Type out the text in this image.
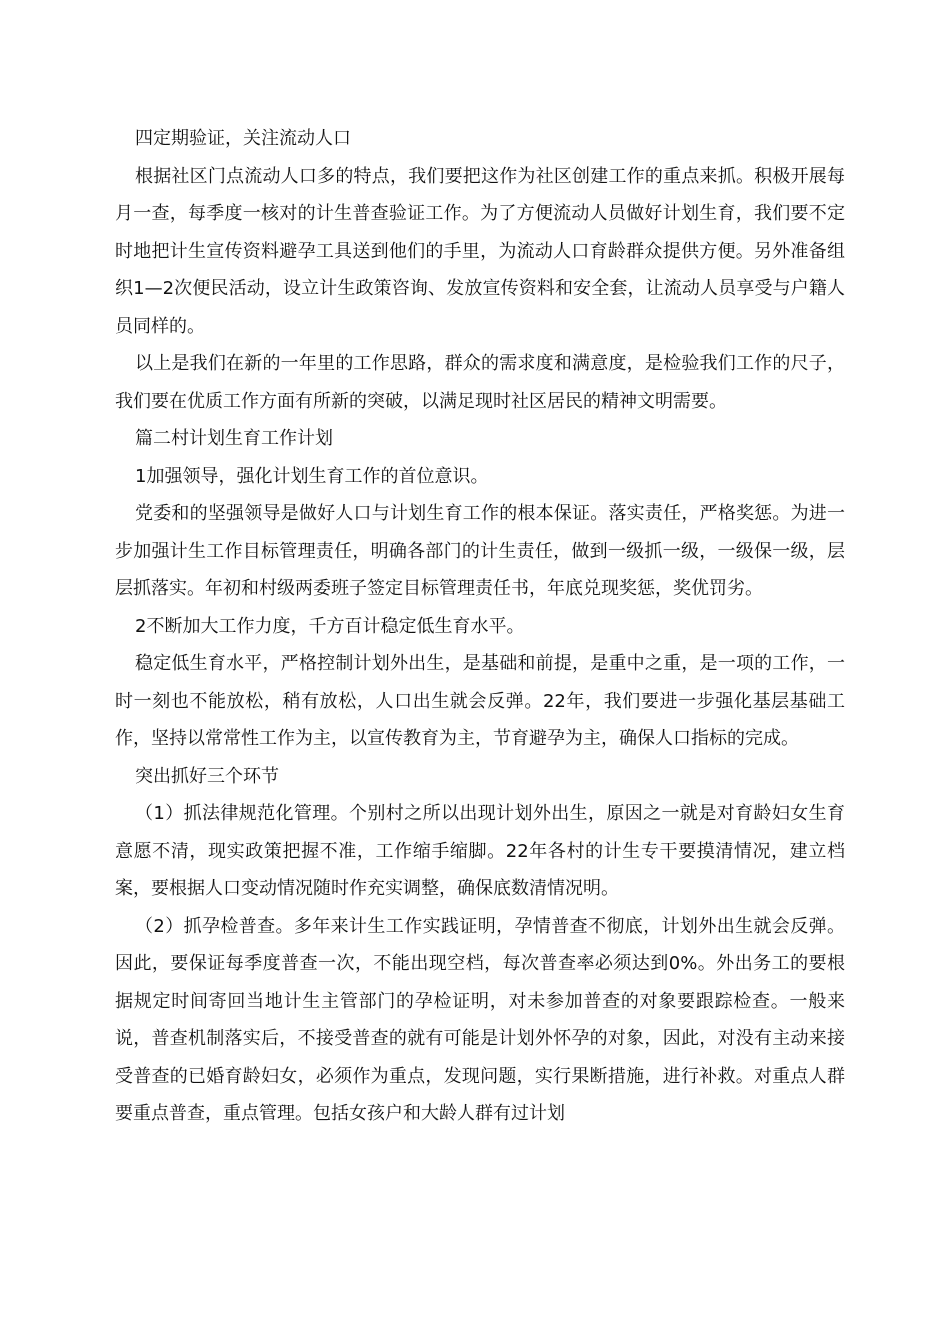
四定期验证，关注流动人口

根据社区门点流动人口多的特点，我们要把这作为社区创建工作的重点来抓。积极开展每月一查，每季度一核对的计生普查验证工作。为了方便流动人员做好计划生育，我们要不定时地把计生宣传资料避孕工具送到他们的手里，为流动人口育龄群众提供方便。另外准备组织1—2次便民活动，设立计生政策咨询、发放宣传资料和安全套，让流动人员享受与户籍人员同样的。

以上是我们在新的一年里的工作思路，群众的需求度和满意度，是检验我们工作的尺子，我们要在优质工作方面有所新的突破，以满足现时社区居民的精神文明需要。

篇二村计划生育工作计划

1加强领导，强化计划生育工作的首位意识。

党委和的坚强领导是做好人口与计划生育工作的根本保证。落实责任，严格奖惩。为进一步加强计生工作目标管理责任，明确各部门的计生责任，做到一级抓一级，一级保一级，层层抓落实。年初和村级两委班子签定目标管理责任书，年底兑现奖惩，奖优罚劣。

2不断加大工作力度，千方百计稳定低生育水平。

稳定低生育水平，严格控制计划外出生，是基础和前提，是重中之重，是一项的工作，一时一刻也不能放松，稍有放松，人口出生就会反弹。22年，我们要进一步强化基层基础工作，坚持以常常性工作为主，以宣传教育为主，节育避孕为主，确保人口指标的完成。

突出抓好三个环节

（1）抓法律规范化管理。个别村之所以出现计划外出生，原因之一就是对育龄妇女生育意愿不清，现实政策把握不准，工作缩手缩脚。22年各村的计生专干要摸清情况，建立档案，要根据人口变动情况随时作充实调整，确保底数清情况明。

（2）抓孕检普查。多年来计生工作实践证明，孕情普查不彻底，计划外出生就会反弹。因此，要保证每季度普查一次，不能出现空档，每次普查率必须达到0%。外出务工的要根据规定时间寄回当地计生主管部门的孕检证明，对未参加普查的对象要跟踪检查。一般来说，普查机制落实后，不接受普查的就有可能是计划外怀孕的对象，因此，对没有主动来接受普查的已婚育龄妇女，必须作为重点，发现问题，实行果断措施，进行补救。对重点人群要重点普查，重点管理。包括女孩户和大龄人群有过计划
